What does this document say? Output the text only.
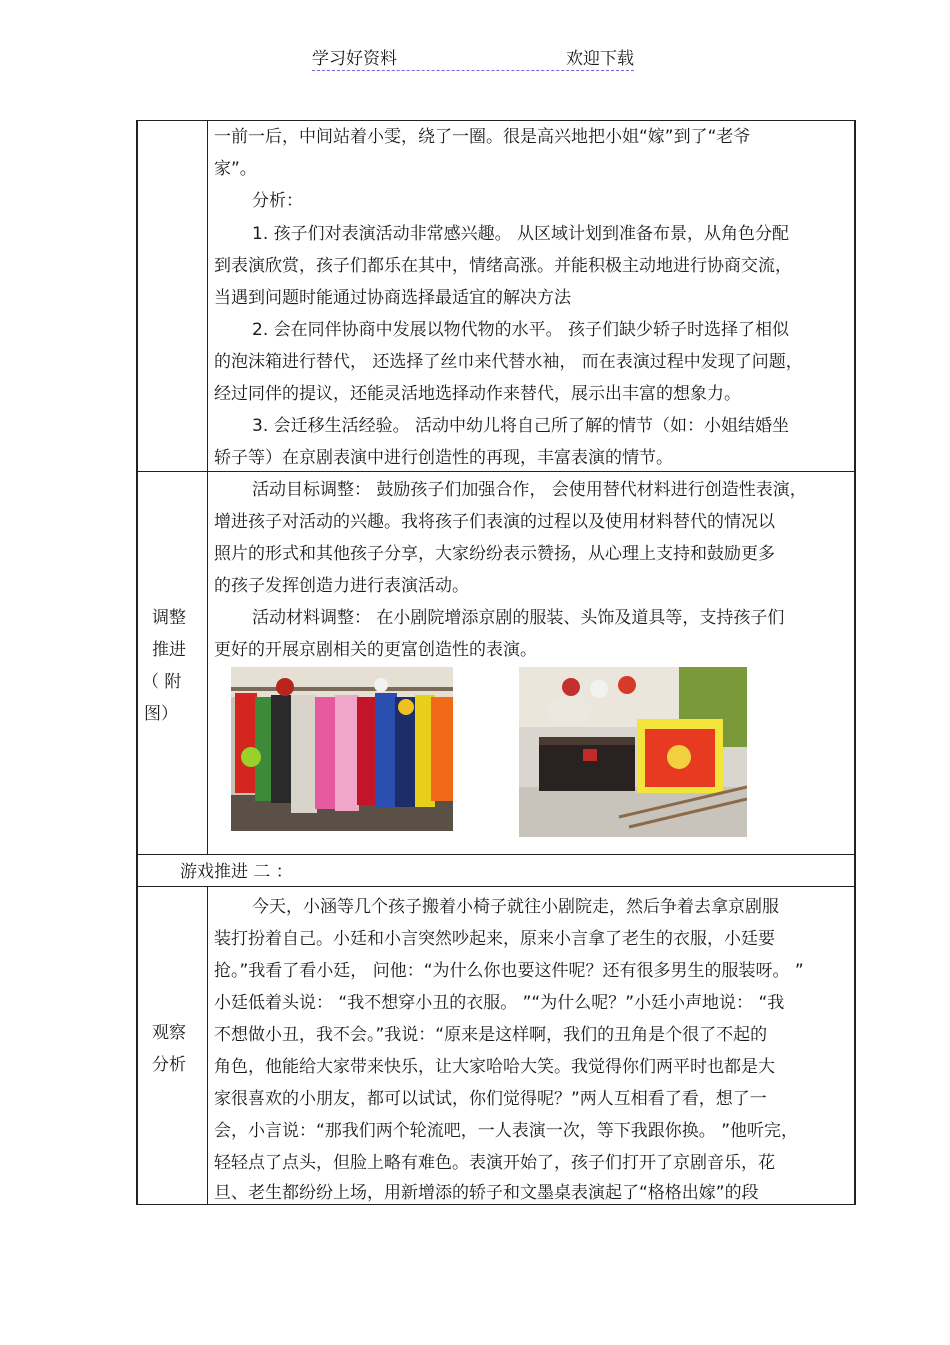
学习好资料	欢迎下载
一前一后，中间站着小雯，绕了一圈。很是高兴地把小姐“嫁”到了“老爷
家”。
分析：
1. 孩子们对表演活动非常感兴趣。 从区域计划到准备布景，从角色分配
到表演欣赏，孩子们都乐在其中，情绪高涨。并能积极主动地进行协商交流，
当遇到问题时能通过协商选择最适宜的解决方法
2. 会在同伴协商中发展以物代物的水平。 孩子们缺少轿子时选择了相似
的泡沫箱进行替代， 还选择了丝巾来代替水袖， 而在表演过程中发现了问题，
经过同伴的提议，还能灵活地选择动作来替代，展示出丰富的想象力。
3. 会迁移生活经验。 活动中幼儿将自己所了解的情节（如：小姐结婚坐
轿子等）在京剧表演中进行创造性的再现，丰富表演的情节。
调整
推进
（ 附
图）
活动目标调整： 鼓励孩子们加强合作， 会使用替代材料进行创造性表演，
增进孩子对活动的兴趣。我将孩子们表演的过程以及使用材料替代的情况以
照片的形式和其他孩子分享，大家纷纷表示赞扬，从心理上支持和鼓励更多
的孩子发挥创造力进行表演活动。
活动材料调整： 在小剧院增添京剧的服装、头饰及道具等，支持孩子们
更好的开展京剧相关的更富创造性的表演。
游戏推进 二 ：
观察
分析
今天，小涵等几个孩子搬着小椅子就往小剧院走，然后争着去拿京剧服
装打扮着自己。小廷和小言突然吵起来，原来小言拿了老生的衣服，小廷要
抢。”我看了看小廷， 问他：“为什么你也要这件呢？还有很多男生的服装呀。 ”
小廷低着头说： “我不想穿小丑的衣服。 ”“为什么呢？”小廷小声地说： “我
不想做小丑，我不会。”我说：“原来是这样啊，我们的丑角是个很了不起的
角色，他能给大家带来快乐，让大家哈哈大笑。我觉得你们两平时也都是大
家很喜欢的小朋友，都可以试试，你们觉得呢？”两人互相看了看，想了一
会，小言说：“那我们两个轮流吧，一人表演一次，等下我跟你换。 ”他听完，
轻轻点了点头，但脸上略有难色。表演开始了，孩子们打开了京剧音乐，花
旦、老生都纷纷上场，用新增添的轿子和文墨桌表演起了“格格出嫁”的段
